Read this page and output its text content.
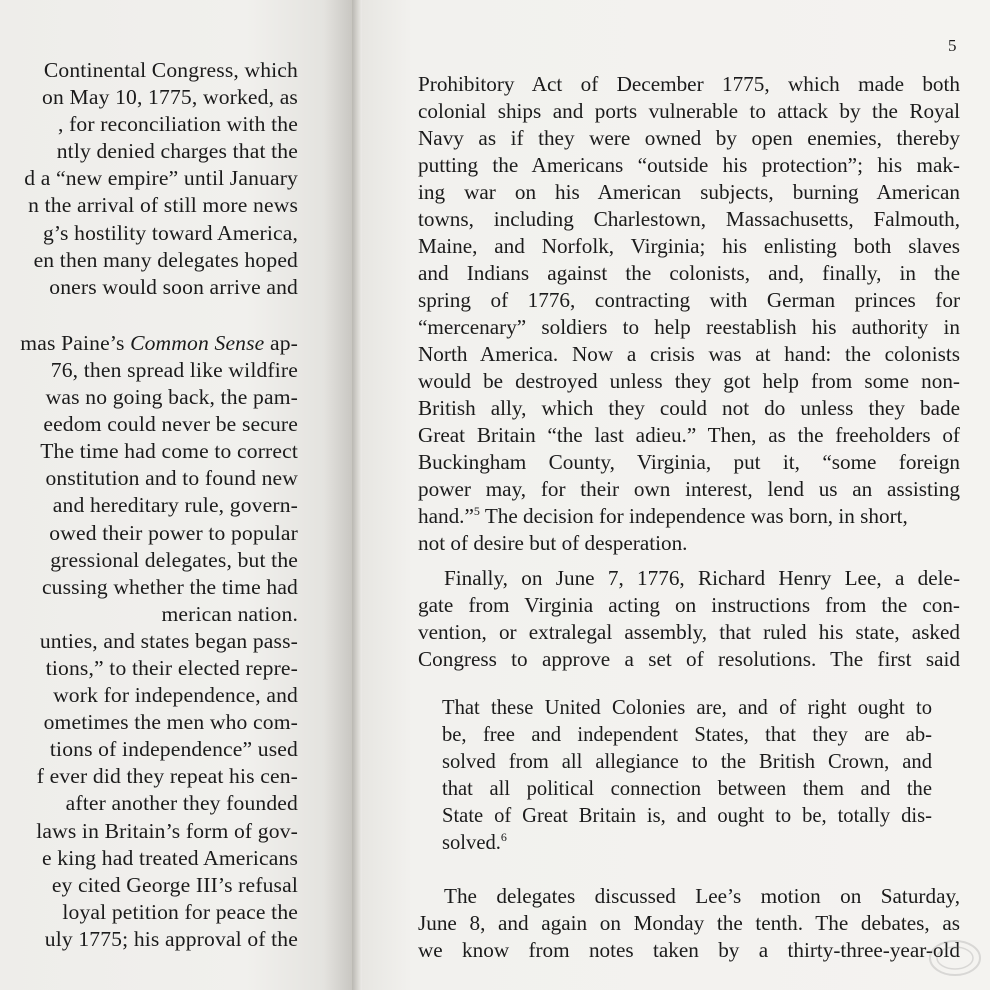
Continental Congress, which
on May 10, 1775, worked, as
, for reconciliation with the
ntly denied charges that the
d a “new empire” until January
n the arrival of still more news
g’s hostility toward America,
en then many delegates hoped
oners would soon arrive and
mas Paine’s Common Sense ap-
76, then spread like wildfire
was no going back, the pam-
eedom could never be secure
The time had come to correct
onstitution and to found new
and hereditary rule, govern-
owed their power to popular
gressional delegates, but the
cussing whether the time had
merican nation.
unties, and states began pass-
tions,” to their elected repre-
work for independence, and
ometimes the men who com-
tions of independence” used
f ever did they repeat his cen-
after another they founded
laws in Britain’s form of gov-
e king had treated Americans
ey cited George III’s refusal
loyal petition for peace the
uly 1775; his approval of the
5
Prohibitory Act of December 1775, which made both
colonial ships and ports vulnerable to attack by the Royal
Navy as if they were owned by open enemies, thereby
putting the Americans “outside his protection”; his mak-
ing war on his American subjects, burning American
towns, including Charlestown, Massachusetts, Falmouth,
Maine, and Norfolk, Virginia; his enlisting both slaves
and Indians against the colonists, and, finally, in the
spring of 1776, contracting with German princes for
“mercenary” soldiers to help reestablish his authority in
North America. Now a crisis was at hand: the colonists
would be destroyed unless they got help from some non-
British ally, which they could not do unless they bade
Great Britain “the last adieu.” Then, as the freeholders of
Buckingham County, Virginia, put it, “some foreign
power may, for their own interest, lend us an assisting
hand.”$^5$ The decision for independence was born, in short,
not of desire but of desperation.
Finally, on June 7, 1776, Richard Henry Lee, a dele-
gate from Virginia acting on instructions from the con-
vention, or extralegal assembly, that ruled his state, asked
Congress to approve a set of resolutions. The first said
That these United Colonies are, and of right ought to
be, free and independent States, that they are ab-
solved from all allegiance to the British Crown, and
that all political connection between them and the
State of Great Britain is, and ought to be, totally dis-
solved.$^6$
The delegates discussed Lee’s motion on Saturday,
June 8, and again on Monday the tenth. The debates, as
we know from notes taken by a thirty-three-year-old
